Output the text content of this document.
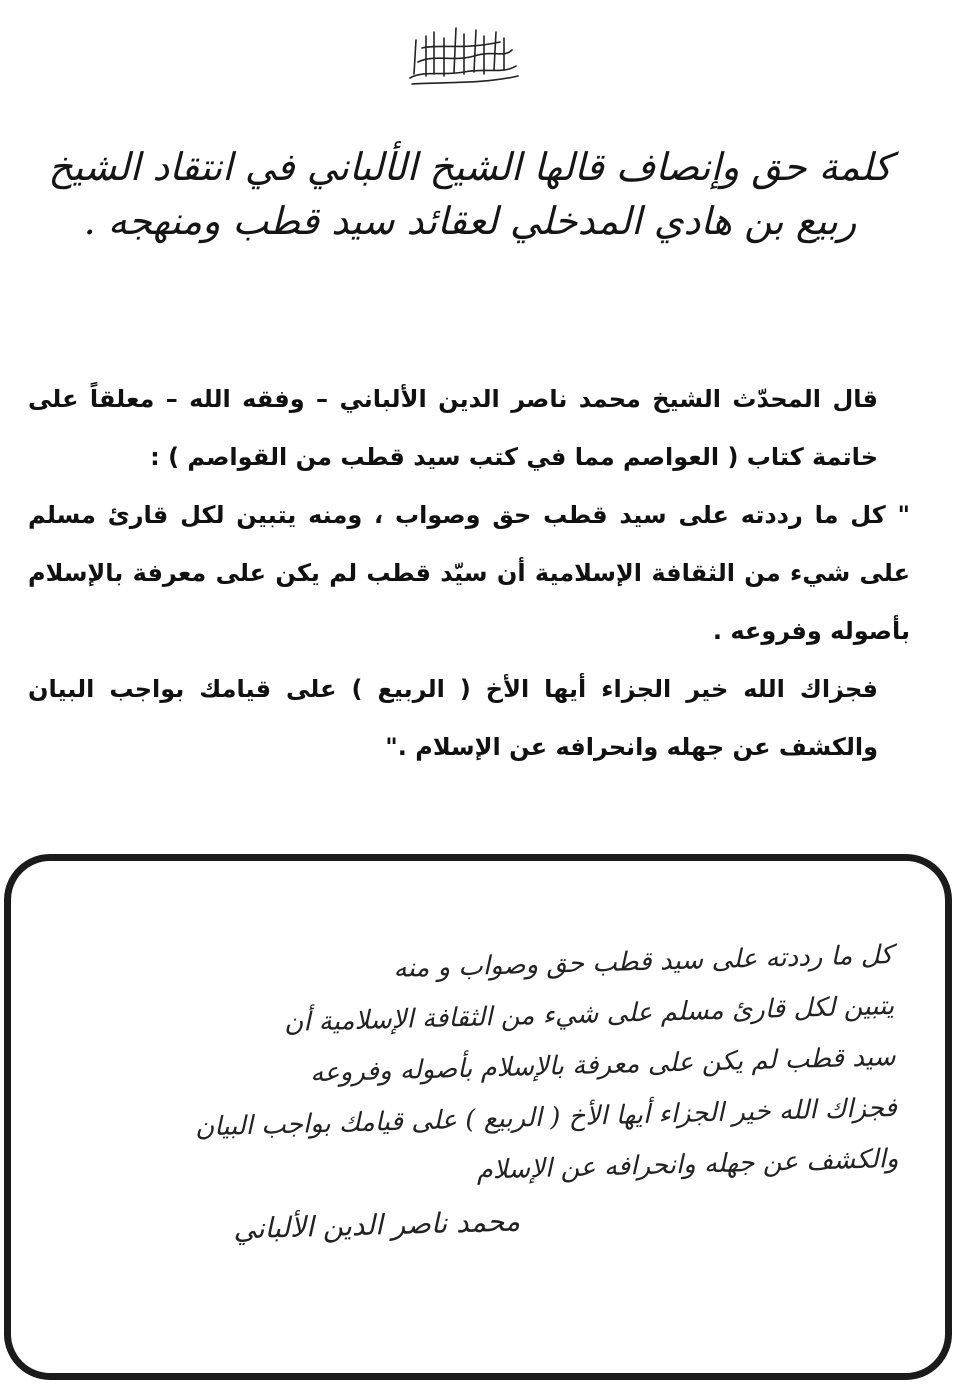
كلمة حق وإنصاف قالها الشيخ الألباني في انتقاد الشيخ ربيع بن هادي المدخلي لعقائد سيد قطب ومنهجه .

قال المحدّث الشيخ محمد ناصر الدين الألباني – وفقه الله – معلقاً على خاتمة كتاب ( العواصم مما في كتب سيد قطب من القواصم ) :

" كل ما رددته على سيد قطب حق وصواب ، ومنه يتبين لكل قارئ مسلم على شيء من الثقافة الإسلامية أن سيّد قطب لم يكن على معرفة بالإسلام بأصوله وفروعه .

فجزاك الله خير الجزاء أيها الأخ ( الربيع ) على قيامك بواجب البيان والكشف عن جهله وانحرافه عن الإسلام ."

كل ما رددته على سيد قطب حق وصواب و منه

يتبين لكل قارئ مسلم على شيء من الثقافة الإسلامية أن

سيد قطب لم يكن على معرفة بالإسلام بأصوله وفروعه

فجزاك الله خير الجزاء أيها الأخ ( الربيع ) على قيامك بواجب البيان

والكشف عن جهله وانحرافه عن الإسلام

محمد ناصر الدين الألباني
